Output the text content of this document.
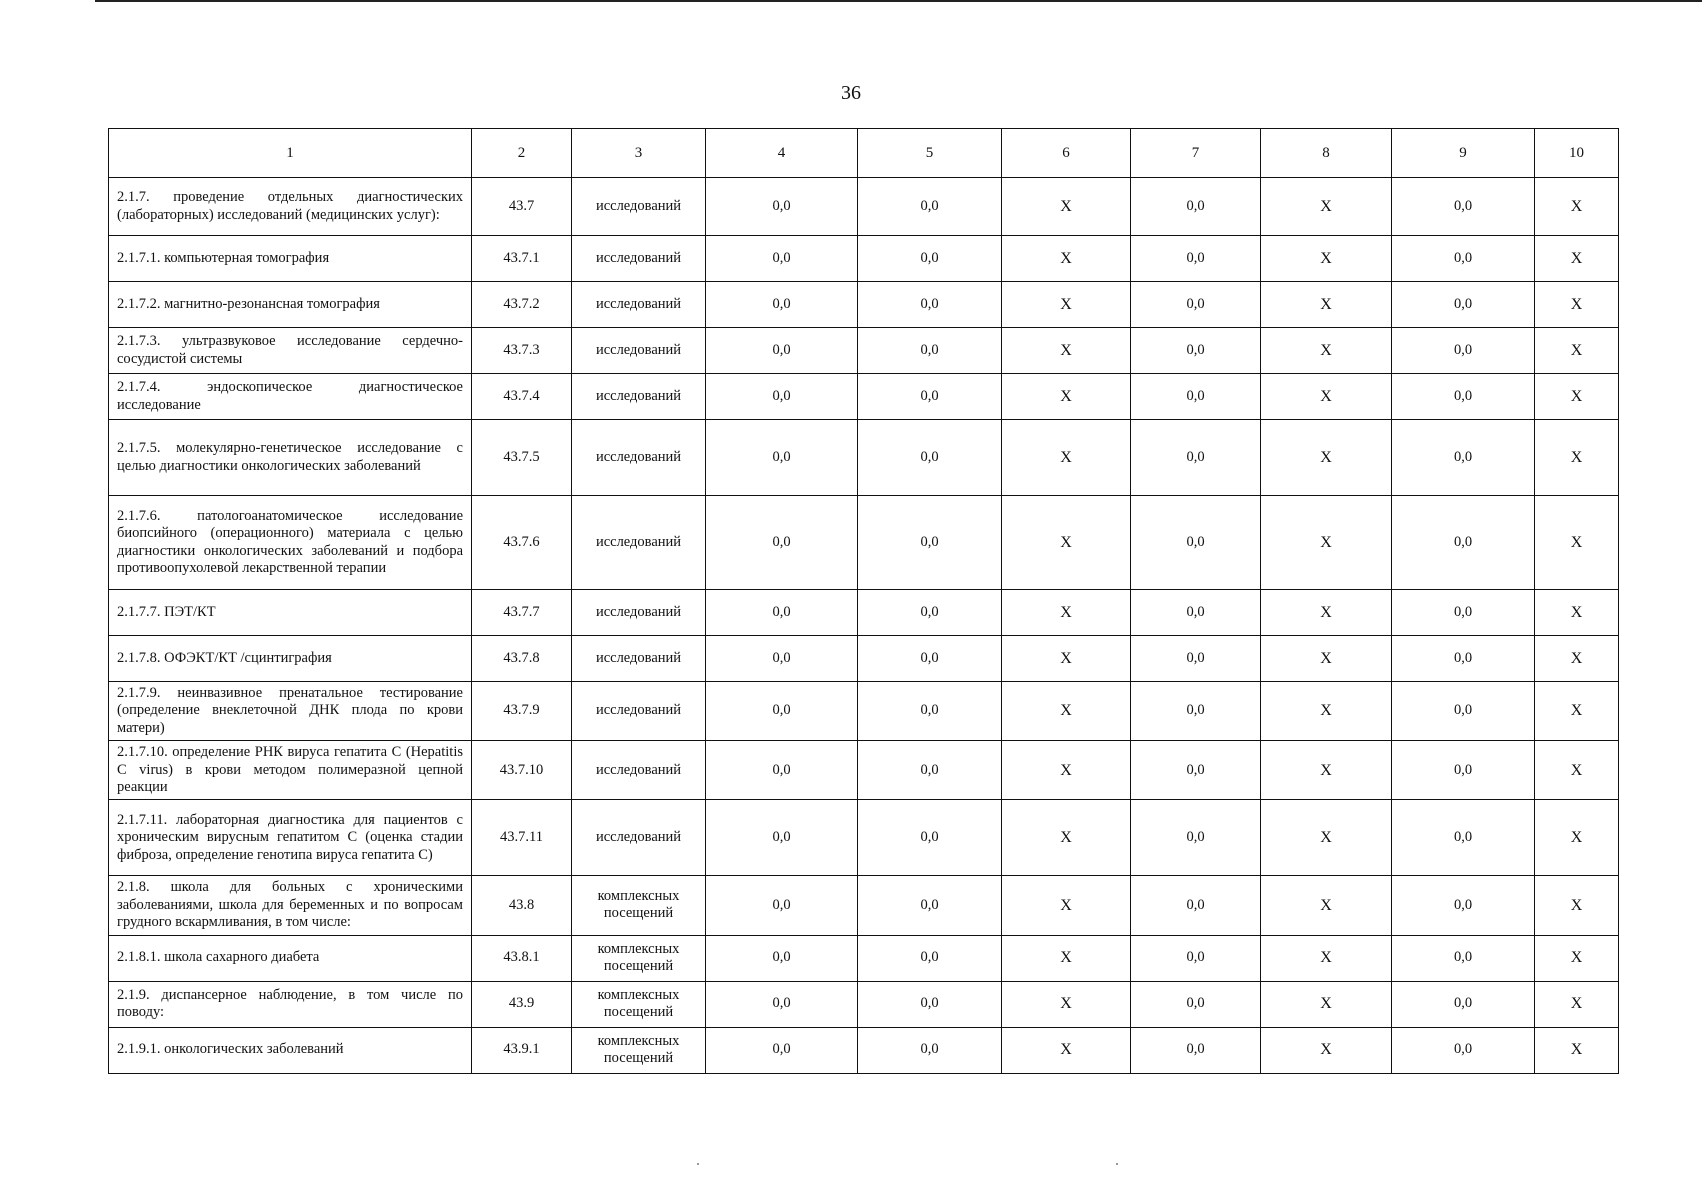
36
1	2	3	4	5	6	7	8	9	10
2.1.7. проведение отдельных диагностических (лабораторных) исследований (медицинских услуг):	43.7	исследований	0,0	0,0	X	0,0	X	0,0	X
2.1.7.1. компьютерная томография	43.7.1	исследований	0,0	0,0	X	0,0	X	0,0	X
2.1.7.2. магнитно-резонансная томография	43.7.2	исследований	0,0	0,0	X	0,0	X	0,0	X
2.1.7.3. ультразвуковое исследование сердечно-сосудистой системы	43.7.3	исследований	0,0	0,0	X	0,0	X	0,0	X
2.1.7.4. эндоскопическое диагностическое исследование	43.7.4	исследований	0,0	0,0	X	0,0	X	0,0	X
2.1.7.5. молекулярно-генетическое исследование с целью диагностики онкологических заболеваний	43.7.5	исследований	0,0	0,0	X	0,0	X	0,0	X
2.1.7.6. патологоанатомическое исследование биопсийного (операционного) материала с целью диагностики онкологических заболеваний и подбора противоопухолевой лекарственной терапии	43.7.6	исследований	0,0	0,0	X	0,0	X	0,0	X
2.1.7.7. ПЭТ/КТ	43.7.7	исследований	0,0	0,0	X	0,0	X	0,0	X
2.1.7.8. ОФЭКТ/КТ /сцинтиграфия	43.7.8	исследований	0,0	0,0	X	0,0	X	0,0	X
2.1.7.9. неинвазивное пренатальное тестирование (определение внеклеточной ДНК плода по крови матери)	43.7.9	исследований	0,0	0,0	X	0,0	X	0,0	X
2.1.7.10. определение РНК вируса гепатита С (Hepatitis C virus) в крови методом полимеразной цепной реакции	43.7.10	исследований	0,0	0,0	X	0,0	X	0,0	X
2.1.7.11. лабораторная диагностика для пациентов с хроническим вирусным гепатитом С (оценка стадии фиброза, определение генотипа вируса гепатита С)	43.7.11	исследований	0,0	0,0	X	0,0	X	0,0	X
2.1.8. школа для больных с хроническими заболеваниями, школа для беременных и по вопросам грудного вскармливания, в том числе:	43.8	комплексных посещений	0,0	0,0	X	0,0	X	0,0	X
2.1.8.1. школа сахарного диабета	43.8.1	комплексных посещений	0,0	0,0	X	0,0	X	0,0	X
2.1.9. диспансерное наблюдение, в том числе по поводу:	43.9	комплексных посещений	0,0	0,0	X	0,0	X	0,0	X
2.1.9.1. онкологических заболеваний	43.9.1	комплексных посещений	0,0	0,0	X	0,0	X	0,0	X
